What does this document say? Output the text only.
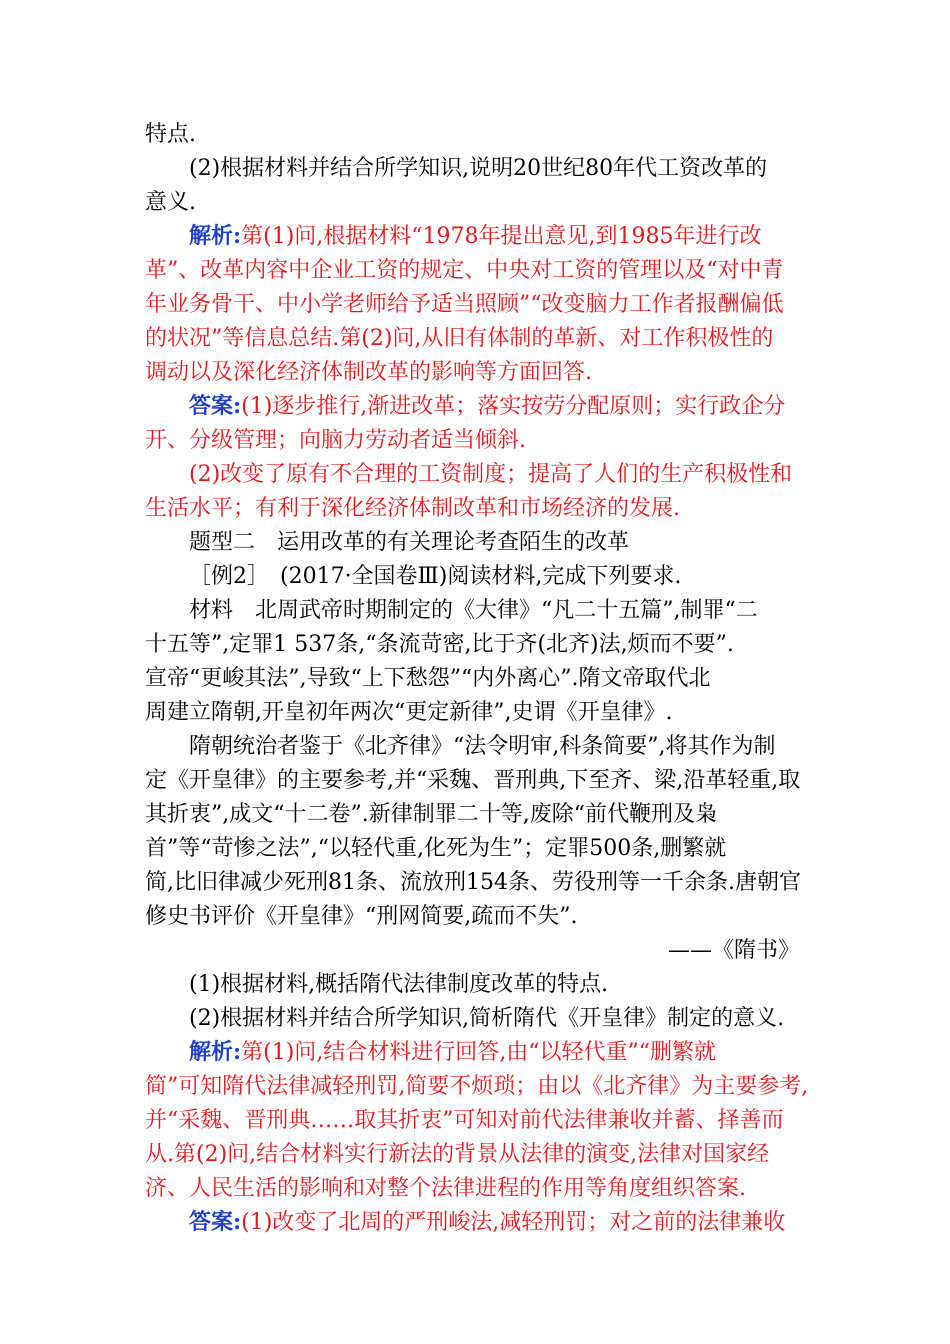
特点.
(2)根据材料并结合所学知识,说明20世纪80年代工资改革的
意义.
解析:第(1)问,根据材料“1978年提出意见,到1985年进行改
革”、改革内容中企业工资的规定、中央对工资的管理以及“对中青
年业务骨干、中小学老师给予适当照顾”“改变脑力工作者报酬偏低
的状况”等信息总结.第(2)问,从旧有体制的革新、对工作积极性的
调动以及深化经济体制改革的影响等方面回答.
答案:(1)逐步推行,渐进改革；落实按劳分配原则；实行政企分
开、分级管理；向脑力劳动者适当倾斜.
(2)改变了原有不合理的工资制度；提高了人们的生产积极性和
生活水平；有利于深化经济体制改革和市场经济的发展.
题型二　运用改革的有关理论考查陌生的改革
［例2］　(2017·全国卷Ⅲ)阅读材料,完成下列要求.
材料　北周武帝时期制定的《大律》“凡二十五篇”,制罪“二
十五等”,定罪1 537条,“条流苛密,比于齐(北齐)法,烦而不要”.
宣帝“更峻其法”,导致“上下愁怨”“内外离心”.隋文帝取代北
周建立隋朝,开皇初年两次“更定新律”,史谓《开皇律》.
隋朝统治者鉴于《北齐律》“法令明审,科条简要”,将其作为制
定《开皇律》的主要参考,并“采魏、晋刑典,下至齐、梁,沿革轻重,取
其折衷”,成文“十二卷”.新律制罪二十等,废除“前代鞭刑及枭
首”等“苛惨之法”,“以轻代重,化死为生”；定罪500条,删繁就
简,比旧律减少死刑81条、流放刑154条、劳役刑等一千余条.唐朝官
修史书评价《开皇律》“刑网简要,疏而不失”.
——《隋书》
(1)根据材料,概括隋代法律制度改革的特点.
(2)根据材料并结合所学知识,简析隋代《开皇律》制定的意义.
解析:第(1)问,结合材料进行回答,由“以轻代重”“删繁就
简”可知隋代法律减轻刑罚,简要不烦琐；由以《北齐律》为主要参考,
并“采魏、晋刑典……取其折衷”可知对前代法律兼收并蓄、择善而
从.第(2)问,结合材料实行新法的背景从法律的演变,法律对国家经
济、人民生活的影响和对整个法律进程的作用等角度组织答案.
答案:(1)改变了北周的严刑峻法,减轻刑罚；对之前的法律兼收
